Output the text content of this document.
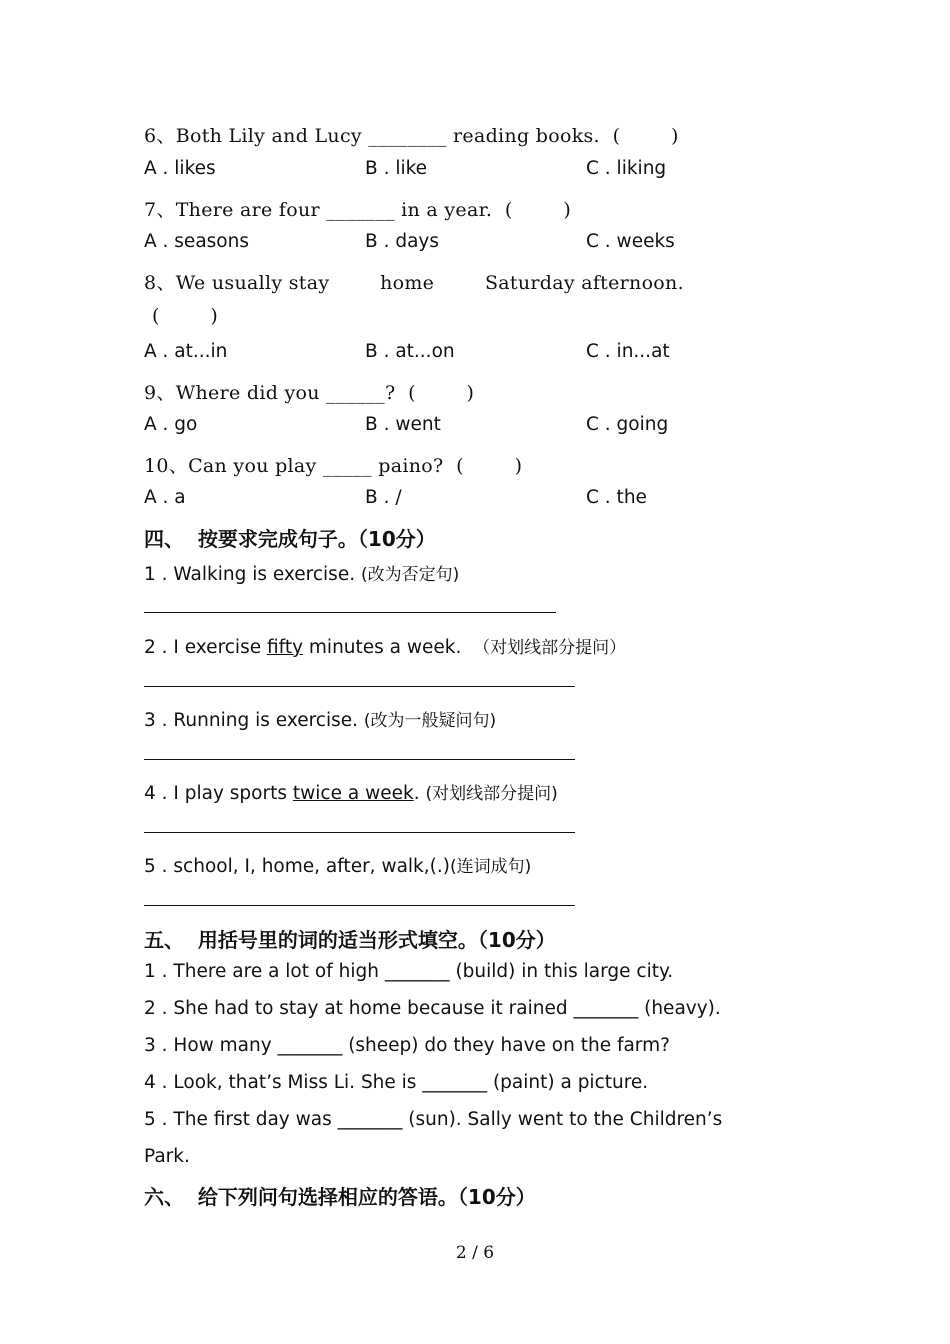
6、Both Lily and Lucy ________ reading books.  (        )
A . likes	B . like	C . liking
7、There are four _______ in a year.  (        )
A . seasons	B . days	C . weeks
8、We usually stay        home        Saturday afternoon.
(        )
A . at...in	B . at...on	C . in...at
9、Where did you ______?  (        )
A . go	B . went	C . going
10、Can you play _____ paino?  (        )
A . a	B . /	C . the
四、  按要求完成句子。（10分）
1 . Walking is exercise. (改为否定句)
2 . I exercise fifty minutes a week.  （对划线部分提问）
3 . Running is exercise. (改为一般疑问句)
4 . I play sports twice a week. (对划线部分提问)
5 . school, I, home, after, walk,(.)(连词成句)
五、  用括号里的词的适当形式填空。（10分）
1 . There are a lot of high _______ (build) in this large city.
2 . She had to stay at home because it rained _______ (heavy).
3 . How many _______ (sheep) do they have on the farm?
4 . Look, that’s Miss Li. She is _______ (paint) a picture.
5 . The first day was _______ (sun). Sally went to the Children’s
Park.
六、  给下列问句选择相应的答语。（10分）
2 / 6
